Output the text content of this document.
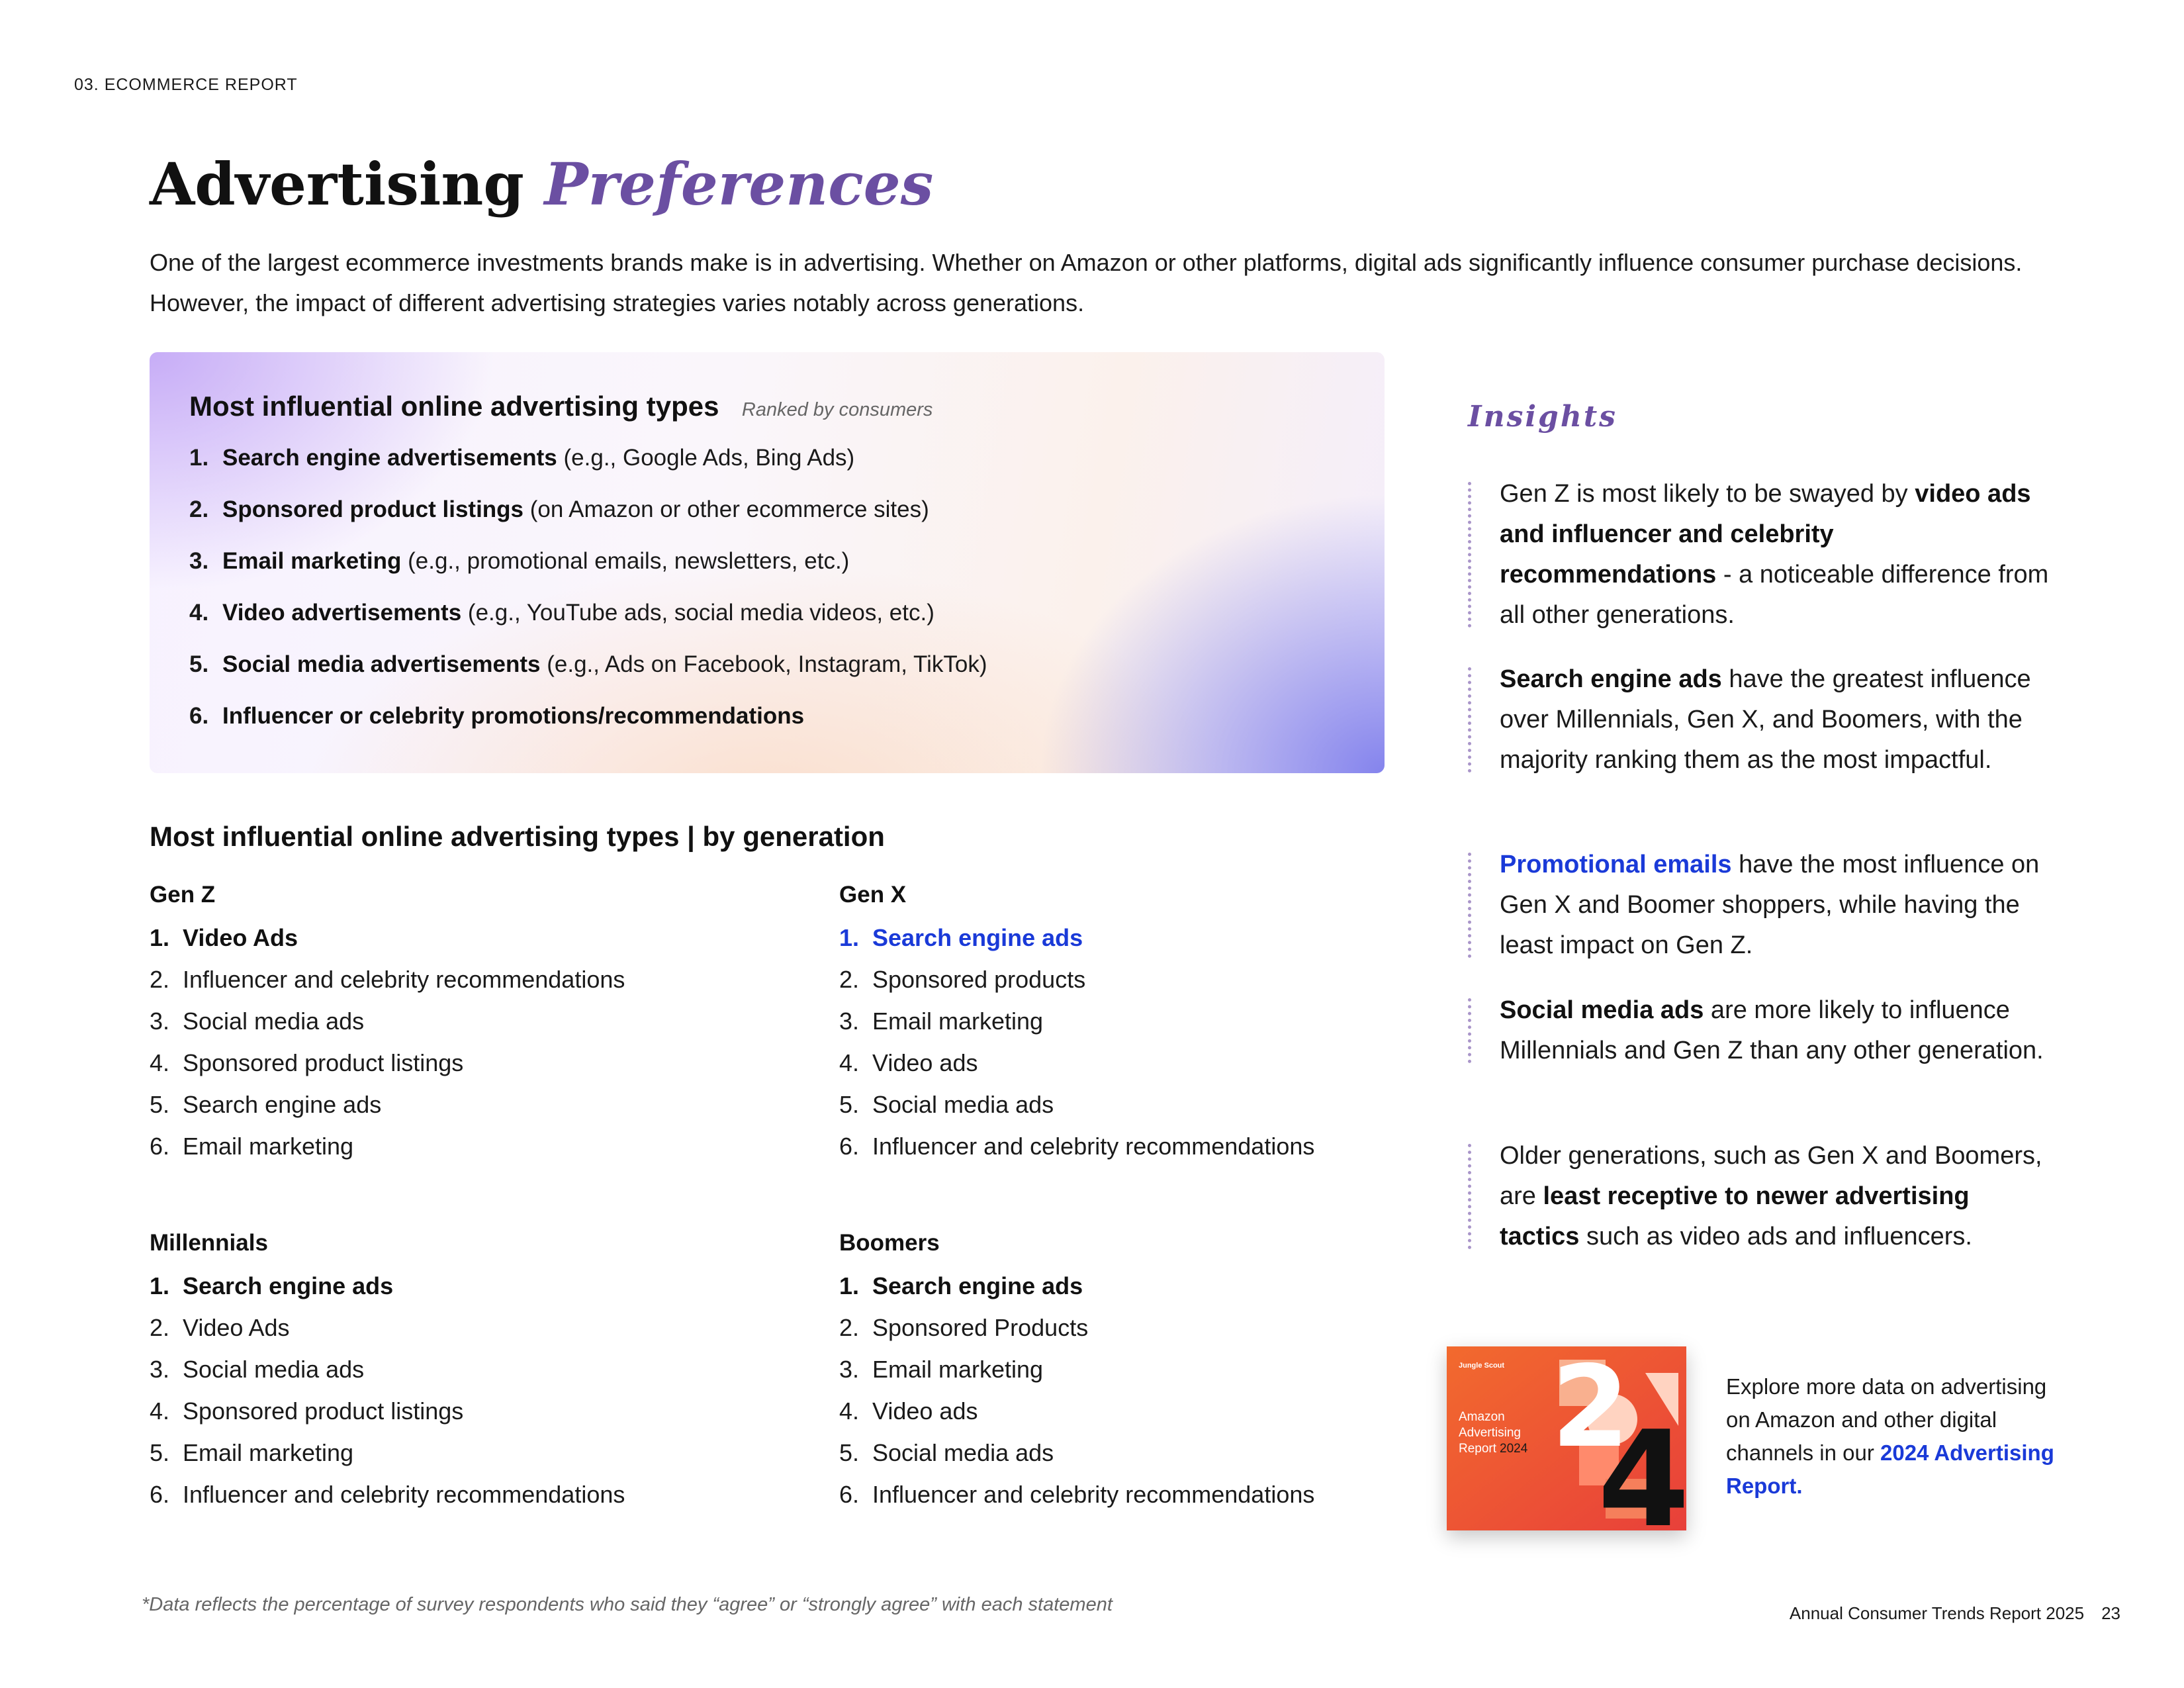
03. ECOMMERCE REPORT
Advertising Preferences
One of the largest ecommerce investments brands make is in advertising. Whether on Amazon or other platforms, digital ads significantly influence consumer purchase decisions. However, the impact of different advertising strategies varies notably across generations.
Most influential online advertising types Ranked by consumers
1. Search engine advertisements (e.g., Google Ads, Bing Ads)
2. Sponsored product listings (on Amazon or other ecommerce sites)
3. Email marketing (e.g., promotional emails, newsletters, etc.)
4. Video advertisements (e.g., YouTube ads, social media videos, etc.)
5. Social media advertisements (e.g., Ads on Facebook, Instagram, TikTok)
6. Influencer or celebrity promotions/recommendations
Most influential online advertising types | by generation
Gen Z
1. Video Ads
2. Influencer and celebrity recommendations
3. Social media ads
4. Sponsored product listings
5. Search engine ads
6. Email marketing
Gen X
1. Search engine ads
2. Sponsored products
3. Email marketing
4. Video ads
5. Social media ads
6. Influencer and celebrity recommendations
Millennials
1. Search engine ads
2. Video Ads
3. Social media ads
4. Sponsored product listings
5. Email marketing
6. Influencer and celebrity recommendations
Boomers
1. Search engine ads
2. Sponsored Products
3. Email marketing
4. Video ads
5. Social media ads
6. Influencer and celebrity recommendations
Insights
Gen Z is most likely to be swayed by video ads and influencer and celebrity recommendations - a noticeable difference from all other generations.
Search engine ads have the greatest influence over Millennials, Gen X, and Boomers, with the majority ranking them as the most impactful.
Promotional emails have the most influence on Gen X and Boomer shoppers, while having the least impact on Gen Z.
Social media ads are more likely to influence Millennials and Gen Z than any other generation.
Older generations, such as Gen X and Boomers, are least receptive to newer advertising tactics such as video ads and influencers.
Jungle Scout
Amazon
Advertising
Report 2024 2
4
Explore more data on advertising on Amazon and other digital channels in our 2024 Advertising Report.
*Data reflects the percentage of survey respondents who said they “agree” or “strongly agree” with each statement	Annual Consumer Trends Report 2025 23
